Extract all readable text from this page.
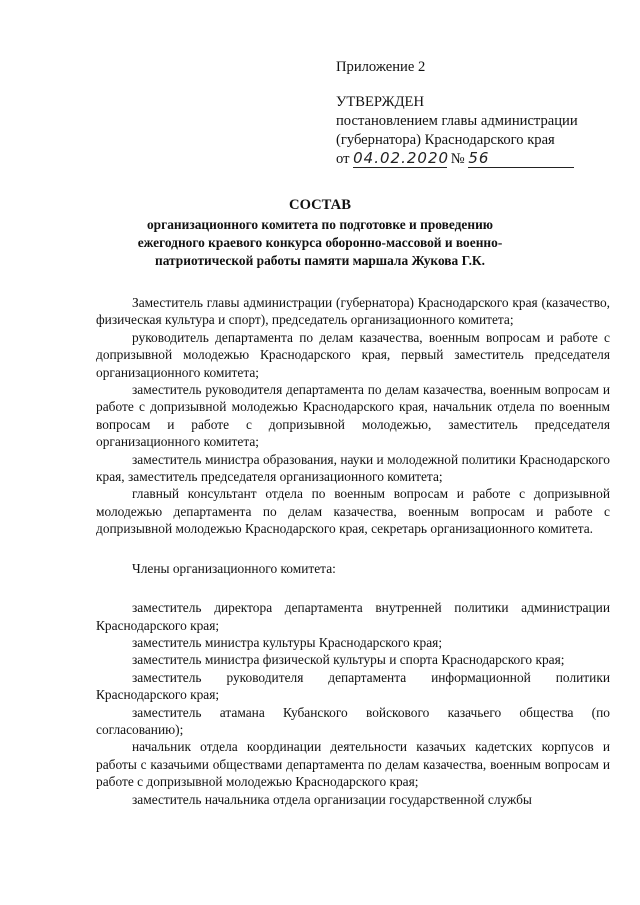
Приложение 2
УТВЕРЖДЕН
постановлением главы администрации
(губернатора) Краснодарского края
от 04.02.2020 № 56
СОСТАВ
организационного комитета по подготовке и проведению
ежегодного краевого конкурса оборонно-массовой и военно-
патриотической работы памяти маршала Жукова Г.К.

Заместитель главы администрации (губернатора) Краснодарского края (казачество, физическая культура и спорт), председатель организационного комитета;

руководитель департамента по делам казачества, военным вопросам и работе с допризывной молодежью Краснодарского края, первый заместитель председателя организационного комитета;

заместитель руководителя департамента по делам казачества, военным вопросам и работе с допризывной молодежью Краснодарского края, начальник отдела по военным вопросам и работе с допризывной молодежью, заместитель председателя организационного комитета;

заместитель министра образования, науки и молодежной политики Краснодарского края, заместитель председателя организационного комитета;

главный консультант отдела по военным вопросам и работе с допризывной молодежью департамента по делам казачества, военным вопросам и работе с допризывной молодежью Краснодарского края, секретарь организационного комитета.

Члены организационного комитета:

заместитель директора департамента внутренней политики администрации Краснодарского края;

заместитель министра культуры Краснодарского края;

заместитель министра физической культуры и спорта Краснодарского края;

заместитель руководителя департамента информационной политики Краснодарского края;

заместитель атамана Кубанского войскового казачьего общества (по согласованию);

начальник отдела координации деятельности казачьих кадетских корпусов и работы с казачьими обществами департамента по делам казачества, военным вопросам и работе с допризывной молодежью Краснодарского края;

заместитель начальника отдела организации государственной службы
